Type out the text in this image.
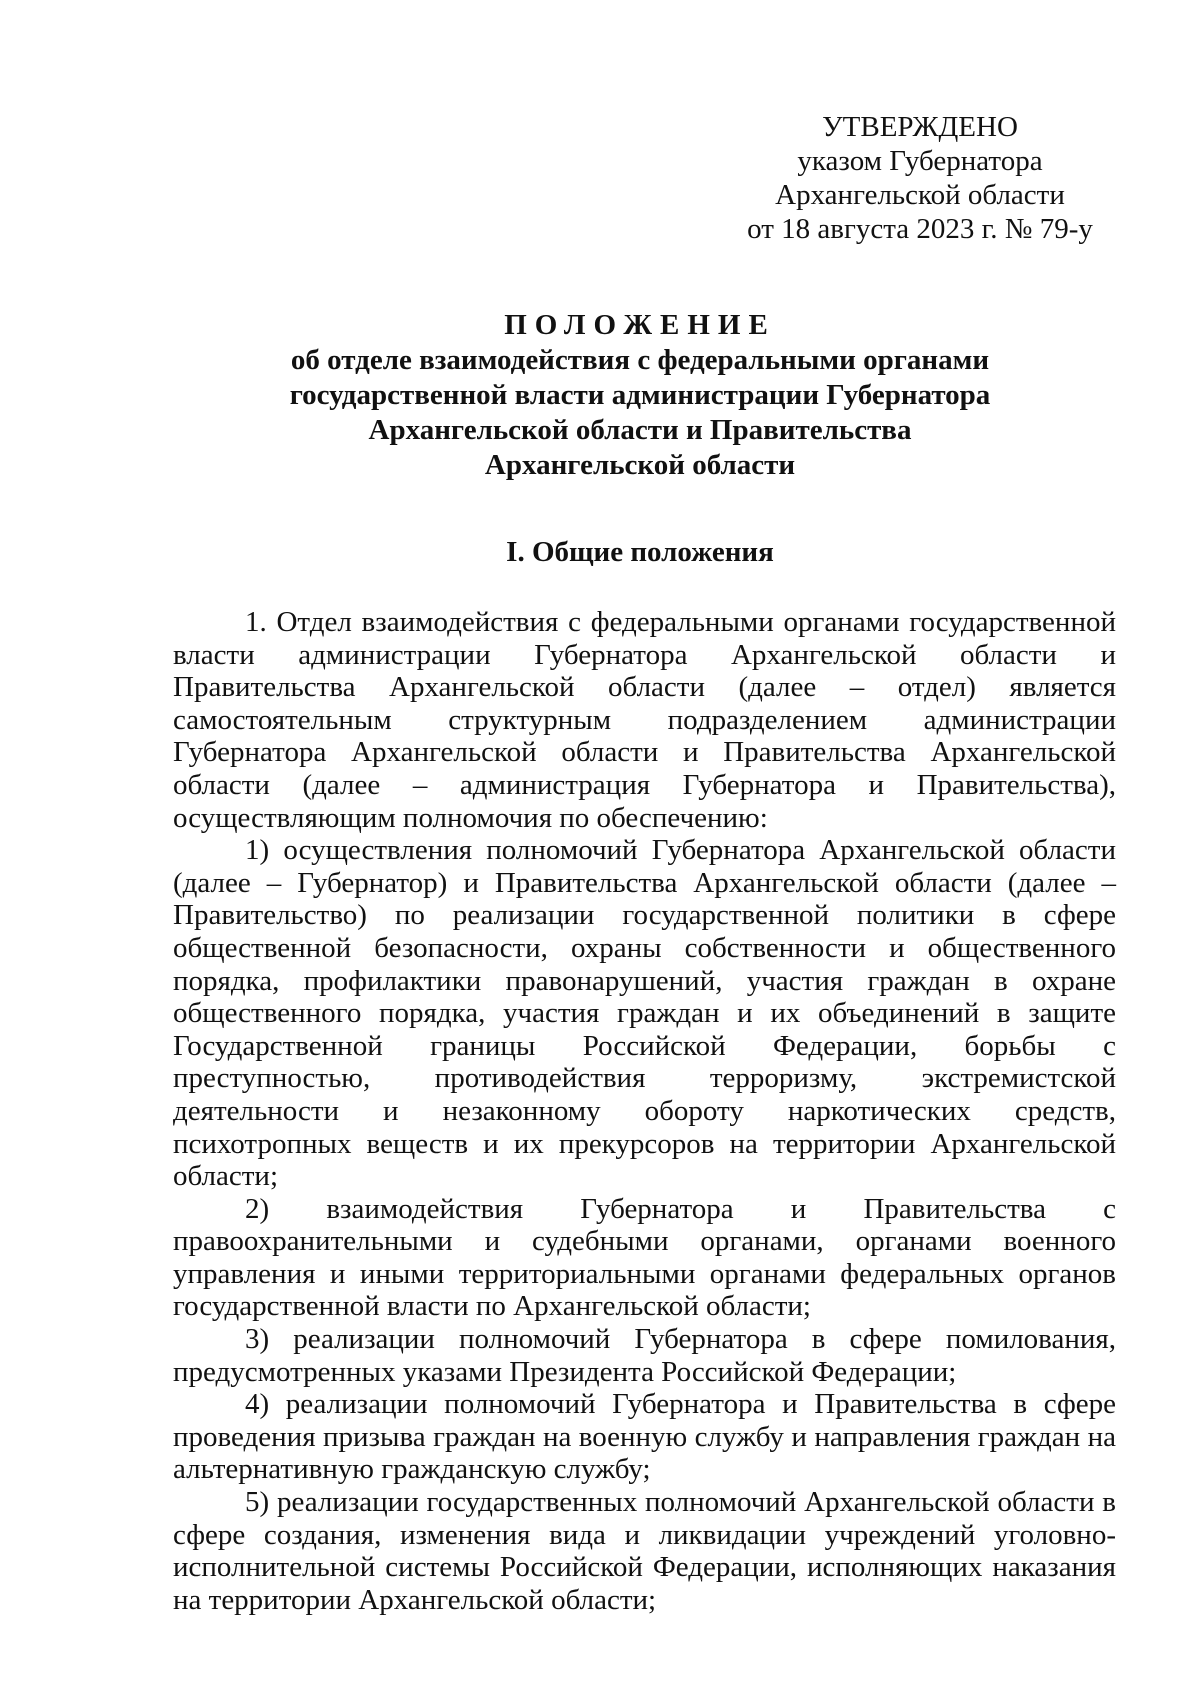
УТВЕРЖДЕНО
указом Губернатора
Архангельской области
от 18 августа 2023 г. № 79-у
ПОЛОЖЕНИЕ
об отделе взаимодействия с федеральными органами
государственной власти администрации Губернатора
Архангельской области и Правительства
Архангельской области
I. Общие положения

1. Отдел взаимодействия с федеральными органами государственной власти администрации Губернатора Архангельской области и Правительства Архангельской области (далее – отдел) является самостоятельным структурным подразделением администрации Губернатора Архангельской области и Правительства Архангельской области (далее – администрация Губернатора и Правительства), осуществляющим полномочия по обеспечению:

1) осуществления полномочий Губернатора Архангельской области (далее – Губернатор) и Правительства Архангельской области (далее – Правительство) по реализации государственной политики в сфере общественной безопасности, охраны собственности и общественного порядка, профилактики правонарушений, участия граждан в охране общественного порядка, участия граждан и их объединений в защите Государственной границы Российской Федерации, борьбы с преступностью, противодействия терроризму, экстремистской деятельности и незаконному обороту наркотических средств, психотропных веществ и их прекурсоров на территории Архангельской области;

2) взаимодействия Губернатора и Правительства с правоохранительными и судебными органами, органами военного управления и иными территориальными органами федеральных органов государственной власти по Архангельской области;

3) реализации полномочий Губернатора в сфере помилования, предусмотренных указами Президента Российской Федерации;

4) реализации полномочий Губернатора и Правительства в сфере проведения призыва граждан на военную службу и направления граждан на альтернативную гражданскую службу;

5) реализации государственных полномочий Архангельской области в сфере создания, изменения вида и ликвидации учреждений уголовно-исполнительной системы Российской Федерации, исполняющих наказания на территории Архангельской области;
